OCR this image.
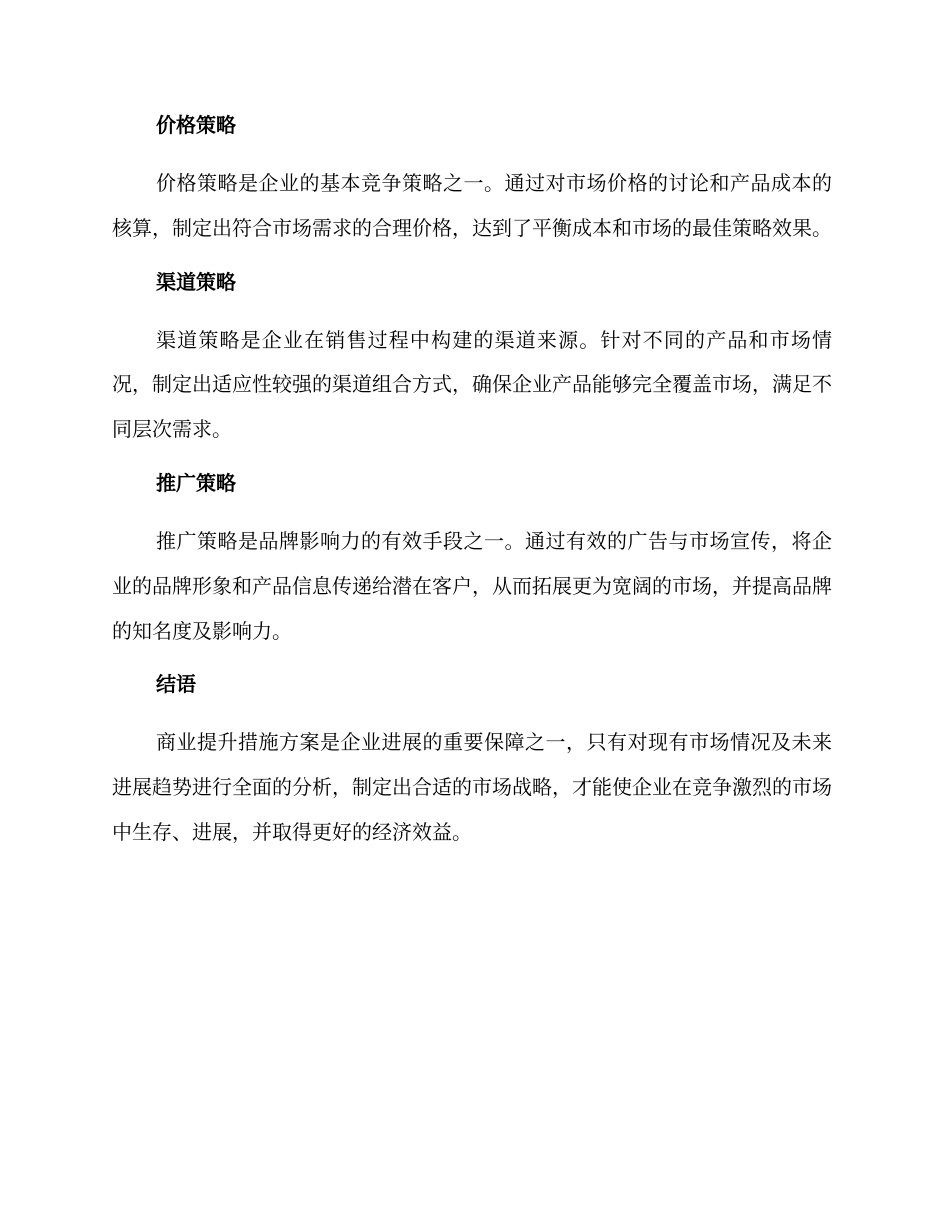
价格策略

价格策略是企业的基本竞争策略之一。通过对市场价格的讨论和产品成本的核算，制定出符合市场需求的合理价格，达到了平衡成本和市场的最佳策略效果。

渠道策略

渠道策略是企业在销售过程中构建的渠道来源。针对不同的产品和市场情况，制定出适应性较强的渠道组合方式，确保企业产品能够完全覆盖市场，满足不同层次需求。

推广策略

推广策略是品牌影响力的有效手段之一。通过有效的广告与市场宣传，将企业的品牌形象和产品信息传递给潜在客户，从而拓展更为宽阔的市场，并提高品牌的知名度及影响力。

结语

商业提升措施方案是企业进展的重要保障之一，只有对现有市场情况及未来进展趋势进行全面的分析，制定出合适的市场战略，才能使企业在竞争激烈的市场中生存、进展，并取得更好的经济效益。
